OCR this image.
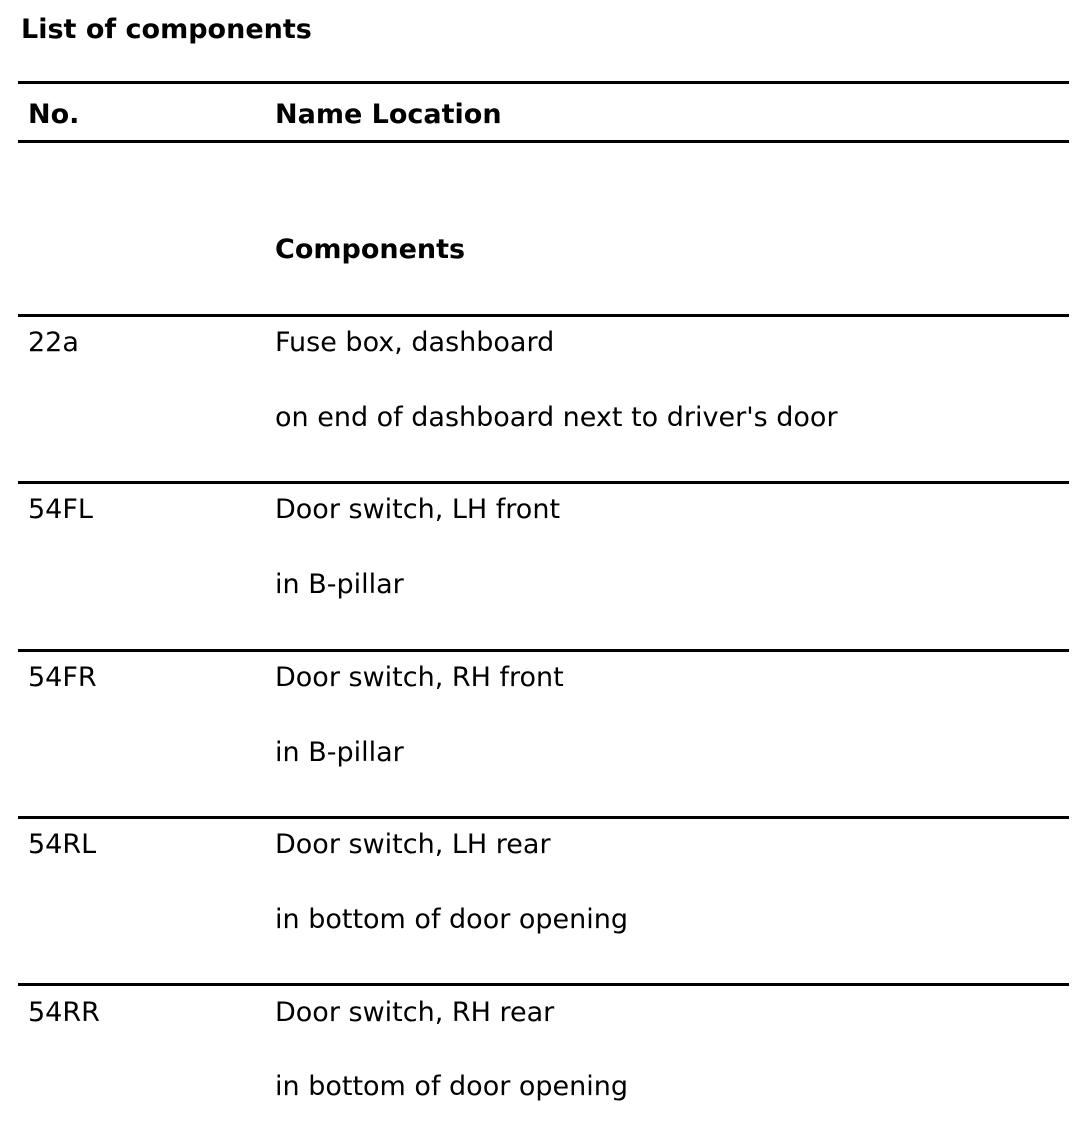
List of components
No.	Name Location
Components
22a	Fuse box, dashboard
on end of dashboard next to driver's door
54FL	Door switch, LH front
in B-pillar
54FR	Door switch, RH front
in B-pillar
54RL	Door switch, LH rear
in bottom of door opening
54RR	Door switch, RH rear
in bottom of door opening
